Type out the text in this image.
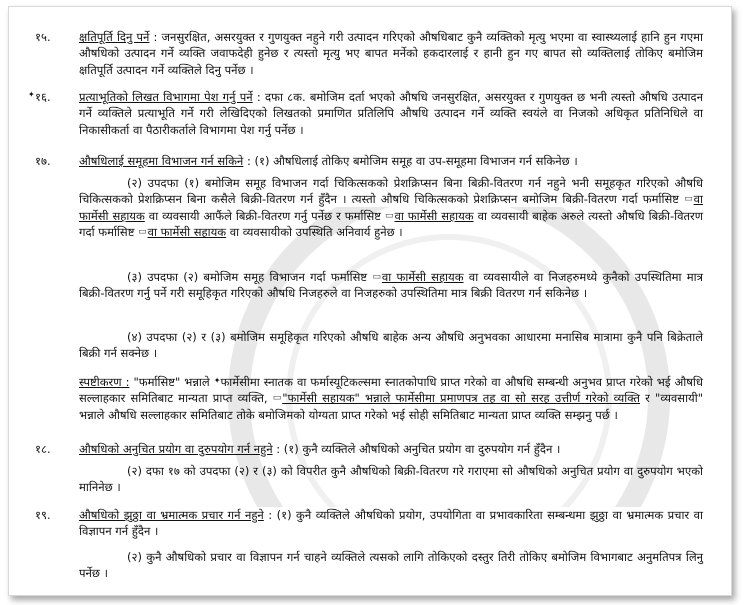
१५. क्षतिपूर्ति दिनु पर्ने : जनसुरक्षित, असरयुक्त र गुणयुक्त नहुने गरी उत्पादन गरिएको औषधिबाट कुनै व्यक्तिको मृत्यु भएमा वा स्वास्थ्यलाई हानि हुन गएमा औषधिको उत्पादन गर्ने व्यक्ति जवाफदेही हुनेछ र त्यस्तो मृत्यु भए बापत मर्नेको हकदारलाई र हानी हुन गए बापत सो व्यक्तिलाई तोकिए बमोजिम क्षतिपूर्ति उत्पादन गर्ने व्यक्तिले दिनु पर्नेछ ।
✦ १६. प्रत्याभूतिको लिखत विभागमा पेश गर्नु पर्ने : दफा ८क. बमोजिम दर्ता भएको औषधि जनसुरक्षित, असरयुक्त र गुणयुक्त छ भनी त्यस्तो औषधि उत्पादन गर्ने व्यक्तिले प्रत्याभूति गर्ने गरी लेखिदिएको लिखतको प्रमाणित प्रतिलिपि औषधि उत्पादन गर्ने व्यक्ति स्वयंले वा निजको अधिकृत प्रतिनिधिले वा निकासीकर्ता वा पैठारीकर्ताले विभागमा पेश गर्नु पर्नेछ ।
१७. औषधिलाई समूहमा विभाजन गर्न सकिने : (१) औषधिलाई तोकिए बमोजिम समूह वा उप-समूहमा विभाजन गर्न सकिनेछ ।
(२) उपदफा (१) बमोजिम समूह विभाजन गर्दा चिकित्सकको प्रेशक्रिप्सन बिना बिक्री-वितरण गर्न नहुने भनी समूहकृत गरिएको औषधि चिकित्सकको प्रेशक्रिप्सन बिना कसैले बिक्री-वितरण गर्न हुँदैन । त्यस्तो औषधि चिकित्सकको प्रेशक्रिप्सन बमोजिम बिक्री-वितरण गर्दा फर्मासिष्ट ▭वा फार्मेसी सहायक वा व्यवसायी आफैंले बिक्री-वितरण गर्नु पर्नेछ र फर्मासिष्ट ▭वा फार्मेसी सहायक वा व्यवसायी बाहेक अरुले त्यस्तो औषधि बिक्री-वितरण गर्दा फर्मासिष्ट ▭वा फार्मेसी सहायक वा व्यवसायीको उपस्थिति अनिवार्य हुनेछ ।
(३) उपदफा (२) बमोजिम समूह विभाजन गर्दा फर्मासिष्ट ▭वा फार्मेसी सहायक वा व्यवसायीले वा निजहरुमध्ये कुनैको उपस्थितिमा मात्र बिक्री-वितरण गर्नु पर्ने गरी समूहिकृत गरिएको औषधि निजहरुले वा निजहरुको उपस्थितिमा मात्र बिक्री वितरण गर्न सकिनेछ ।
(४) उपदफा (२) र (३) बमोजिम समूहिकृत गरिएको औषधि बाहेक अन्य औषधि अनुभवका आधारमा मनासिब मात्रामा कुनै पनि बिक्रेताले बिक्री गर्न सक्नेछ ।
स्पष्टीकरण : "फर्मासिष्ट" भन्नाले ✦फार्मेसीमा स्नातक वा फर्मास्यूटिकल्समा स्नातकोपाधि प्राप्त गरेको वा औषधि सम्बन्धी अनुभव प्राप्त गरेको भई औषधि सल्लाहकार समितिबाट मान्यता प्राप्त व्यक्ति, ▭"फार्मेसी सहायक" भन्नाले फार्मेसीमा प्रमाणपत्र तह वा सो सरह उत्तीर्ण गरेको व्यक्ति र "व्यवसायी" भन्नाले औषधि सल्लाहकार समितिबाट तोके बमोजिमको योग्यता प्राप्त गरेको भई सोही समितिबाट मान्यता प्राप्त व्यक्ति सम्झनु पर्छ ।
१८. औषधिको अनुचित प्रयोग वा दुरुपयोग गर्न नहुने : (१) कुनै व्यक्तिले औषधिको अनुचित प्रयोग वा दुरुपयोग गर्न हुँदैन ।
(२) दफा १७ को उपदफा (२) र (३) को विपरीत कुनै औषधिको बिक्री-वितरण गरे गराएमा सो औषधिको अनुचित प्रयोग वा दुरुपयोग भएको मानिनेछ ।
१९. औषधिको झुठ्ठा वा भ्रमात्मक प्रचार गर्न नहुने : (१) कुनै व्यक्तिले औषधिको प्रयोग, उपयोगिता वा प्रभावकारिता सम्बन्धमा झुठ्ठा वा भ्रमात्मक प्रचार वा विज्ञापन गर्न हुँदैन ।
(२) कुनै औषधिको प्रचार वा विज्ञापन गर्न चाहने व्यक्तिले त्यसको लागि तोकिएको दस्तुर तिरी तोकिए बमोजिम विभागबाट अनुमतिपत्र लिनु पर्नेछ ।
